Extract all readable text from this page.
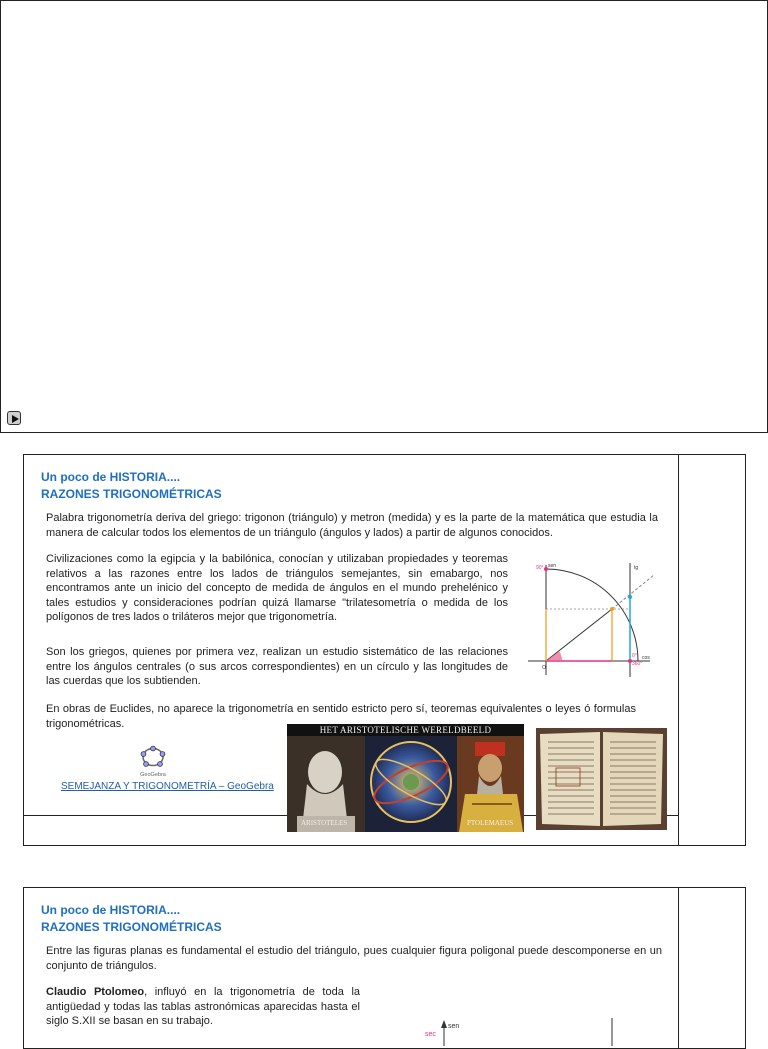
Un poco de HISTORIA....
RAZONES TRIGONOMÉTRICAS
Palabra trigonometría deriva del griego: trigonon (triángulo) y metron (medida) y es la parte de la matemática que estudia la manera de calcular todos los elementos de un triángulo (ángulos y lados) a partir de algunos conocidos.
Civilizaciones como la egipcia y la babilónica, conocían y utilizaban propiedades y teoremas relativos a las razones entre los lados de triángulos semejantes, sin emabargo, nos encontramos ante un inicio del concepto de medida de ángulos en el mundo prehelénico y tales estudios y consideraciones podrían quizá llamarse "trilatesometría o medida de los polígonos de tres lados o triláteros mejor que trigonometría.
Son los griegos, quienes por primera vez, realizan un estudio sistemático de las relaciones entre los ángulos centrales (o sus arcos correspondientes) en un círculo y las longitudes de las cuerdas que los subtienden.
En obras de Euclides, no aparece la trigonometría en sentido estricto pero sí, teoremas equivalentes o leyes ó formulas trigonométricas.
90° sen	tg
0°
360°
cos
O
GeoGebra
SEMEJANZA Y TRIGONOMETRÍA – GeoGebra
HET ARISTOTELISCHE WERELDBEELD
ARISTOTELES	PTOLEMAEUS
Un poco de HISTORIA....
RAZONES TRIGONOMÉTRICAS
Entre las figuras planas es fundamental el estudio del triángulo, pues cualquier figura poligonal puede descomponerse en un conjunto de triángulos.
Claudio Ptolomeo, influyó en la trigonometría de toda la antigüedad y todas las tablas astronómicas aparecidas hasta el siglo S.XII se basan en su trabajo.	sen
sec
